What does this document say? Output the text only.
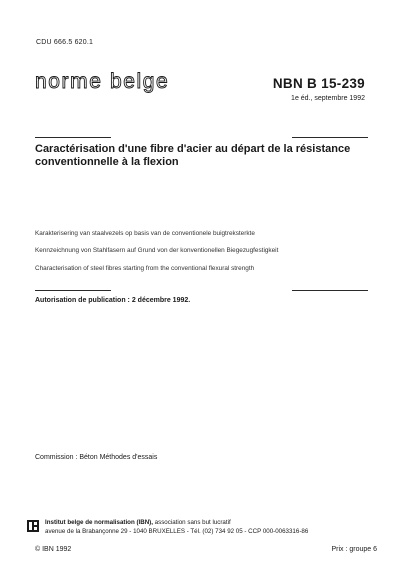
CDU 666.5 620.1
norme belge	NBN B 15-239
1e éd., septembre 1992
Caractérisation d'une fibre d'acier au départ de la résistance conventionnelle à la flexion
Karakterisering van staalvezels op basis van de conventionele buigtreksterkte
Kennzeichnung von Stahlfasern auf Grund von der konventionellen Biegezugfestigkeit
Characterisation of steel fibres starting from the conventional flexural strength
Autorisation de publication : 2 décembre 1992.
Commission : Béton Méthodes d'essais
Institut belge de normalisation (IBN), association sans but lucratif
avenue de la Brabançonne 29 - 1040 BRUXELLES - Tél. (02) 734 92 05 - CCP 000-0063316-86
© IBN 1992	Prix : groupe 6
